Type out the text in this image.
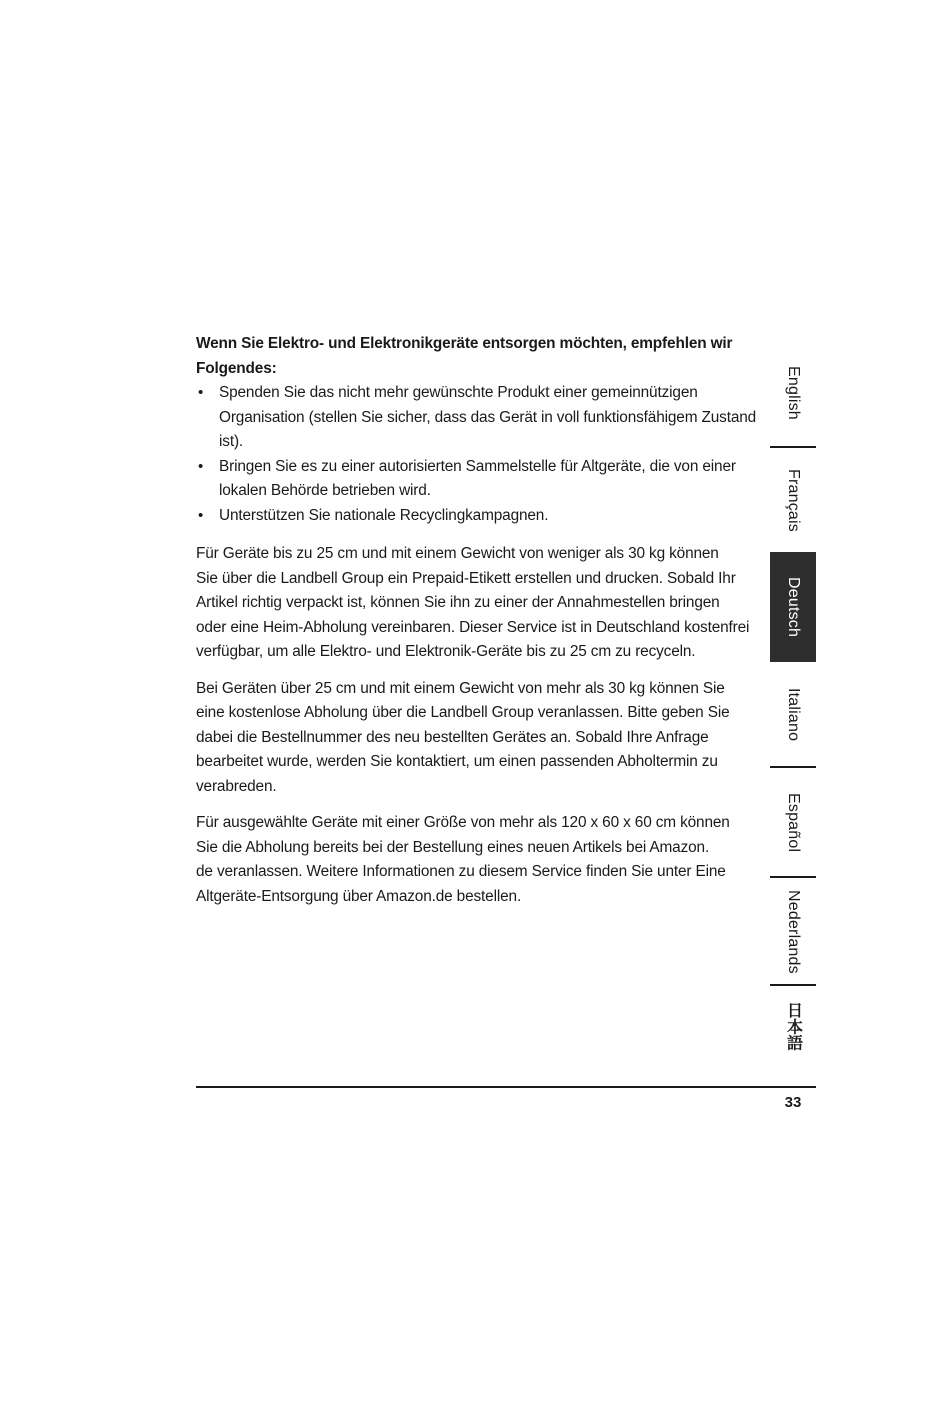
Wenn Sie Elektro- und Elektronikgeräte entsorgen möchten, empfehlen wir Folgendes:

• Spenden Sie das nicht mehr gewünschte Produkt einer gemeinnützigen Organisation (stellen Sie sicher, dass das Gerät in voll funktionsfähigem Zustand ist).
• Bringen Sie es zu einer autorisierten Sammelstelle für Altgeräte, die von einer lokalen Behörde betrieben wird.
• Unterstützen Sie nationale Recyclingkampagnen.
Für Geräte bis zu 25 cm und mit einem Gewicht von weniger als 30 kg können
Sie über die Landbell Group ein Prepaid-Etikett erstellen und drucken. Sobald Ihr
Artikel richtig verpackt ist, können Sie ihn zu einer der Annahmestellen bringen
oder eine Heim-Abholung vereinbaren. Dieser Service ist in Deutschland kostenfrei
verfügbar, um alle Elektro- und Elektronik-Geräte bis zu 25 cm zu recyceln.
Bei Geräten über 25 cm und mit einem Gewicht von mehr als 30 kg können Sie
eine kostenlose Abholung über die Landbell Group veranlassen. Bitte geben Sie
dabei die Bestellnummer des neu bestellten Gerätes an. Sobald Ihre Anfrage
bearbeitet wurde, werden Sie kontaktiert, um einen passenden Abholtermin zu
verabreden.
Für ausgewählte Geräte mit einer Größe von mehr als 120 x 60 x 60 cm können
Sie die Abholung bereits bei der Bestellung eines neuen Artikels bei Amazon.
de veranlassen. Weitere Informationen zu diesem Service finden Sie unter Eine
Altgeräte-Entsorgung über Amazon.de bestellen.
English
Français
Deutsch
Italiano
Español
Nederlands
日本語
33
